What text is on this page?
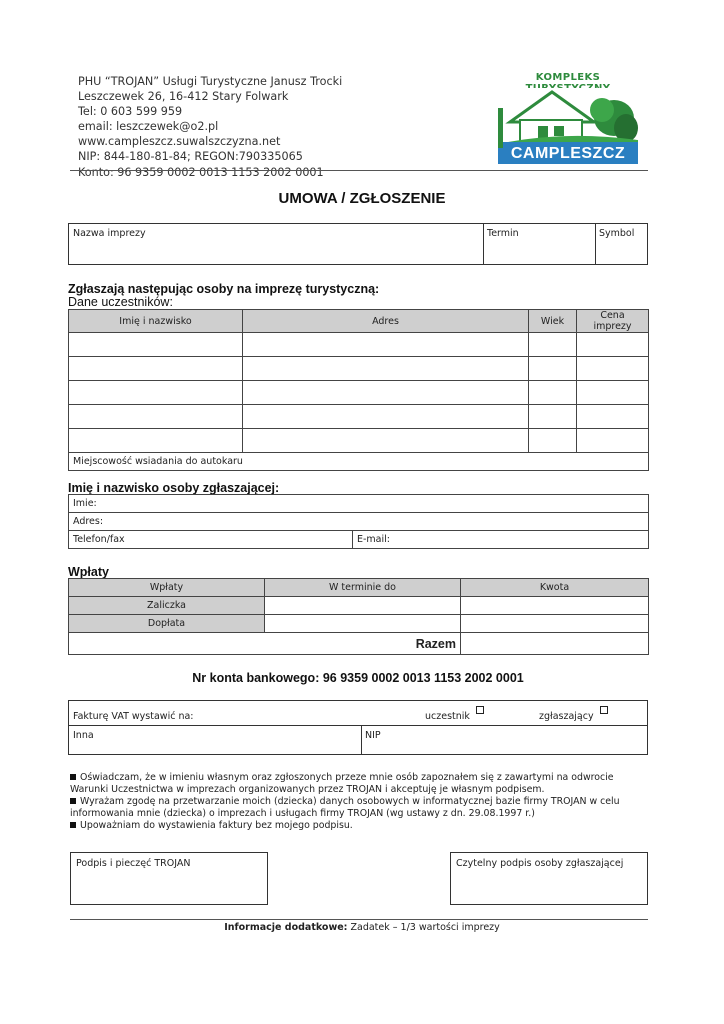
PHU “TROJAN” Usługi Turystyczne Janusz Trocki
Leszczewek 26, 16-412 Stary Folwark
Tel: 0 603 599 959
email: leszczewek@o2.pl
www.campleszcz.suwalszczyzna.net
NIP: 844-180-81-84; REGON:790335065
Konto: 96 9359 0002 0013 1153 2002 0001
KOMPLEKS
CAMPLESZCZ
UMOWA / ZGŁOSZENIE
Nazwa imprezy	Termin	Symbol
Zgłaszają następując osoby na imprezę turystyczną:
Dane uczestników:
Imię i nazwisko	Adres	Wiek	Cena imprezy

Miejscowość wsiadania do autokaru			
Imię i nazwisko osoby zgłaszającej:
Imie:
Adres:
Telefon/fax	E-mail:
Wpłaty
Wpłaty	W terminie do	Kwota
Zaliczka		
Dopłata		
Razem		
Nr konta bankowego: 96 9359 0002 0013 1153 2002 0001
Fakturę VAT wystawić na:	uczestnik	zgłaszający
Inna	NIP

Oświadczam, że w imieniu własnym oraz zgłoszonych przeze mnie osób zapoznałem się z zawartymi na odwrocie Warunki Uczestnictwa w imprezach organizowanych przez TROJAN i akceptuję je własnym podpisem.

Wyrażam zgodę na przetwarzanie moich (dziecka) danych osobowych w informatycznej bazie firmy TROJAN w celu informowania mnie (dziecka) o imprezach i usługach firmy TROJAN (wg ustawy z dn. 29.08.1997 r.)

Upoważniam do wystawienia faktury bez mojego podpisu.

Podpis i pieczęć TROJAN	Czytelny podpis osoby zgłaszającej
Informacje dodatkowe: Zadatek – 1/3 wartości imprezy
